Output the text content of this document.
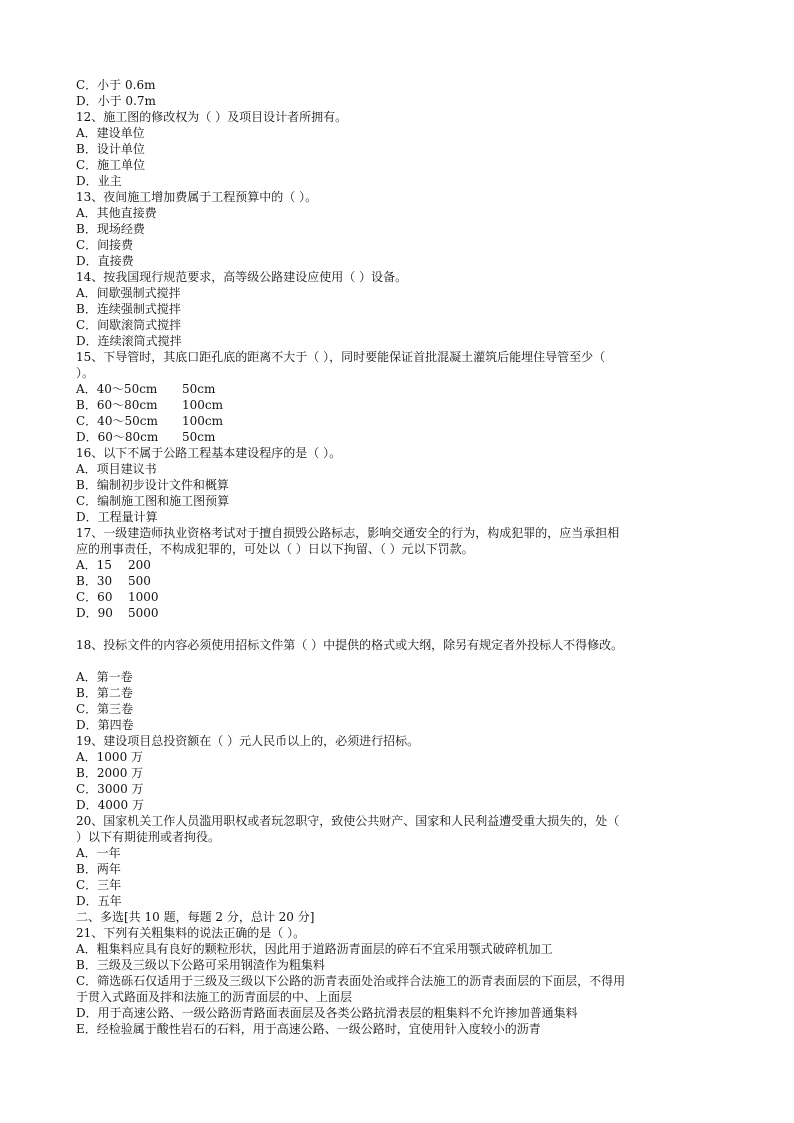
C．小于 0.6m
D．小于 0.7m
12、施工图的修改权为（ ）及项目设计者所拥有。
A．建设单位
B．设计单位
C．施工单位
D．业主
13、夜间施工增加费属于工程预算中的（ ）。
A．其他直接费
B．现场经费
C．间接费
D．直接费
14、按我国现行规范要求，高等级公路建设应使用（ ）设备。
A．间歇强制式搅拌
B．连续强制式搅拌
C．间歇滚筒式搅拌
D．连续滚筒式搅拌
15、下导管时，其底口距孔底的距离不大于（ ），同时要能保证首批混凝土灌筑后能埋住导管至少（
）。
A．40～50cm 50cm
B．60～80cm 100cm
C．40～50cm 100cm
D．60～80cm 50cm
16、以下不属于公路工程基本建设程序的是（ ）。
A．项目建议书
B．编制初步设计文件和概算
C．编制施工图和施工图预算
D．工程量计算
17、一级建造师执业资格考试对于擅自损毁公路标志，影响交通安全的行为，构成犯罪的，应当承担相
应的刑事责任，不构成犯罪的，可处以（ ）日以下拘留、（ ）元以下罚款。
A．15 200
B．30 500
C．60 1000
D．90 5000
18、投标文件的内容必须使用招标文件第（ ）中提供的格式或大纲，除另有规定者外投标人不得修改。
A．第一卷
B．第二卷
C．第三卷
D．第四卷
19、建设项目总投资额在（ ）元人民币以上的，必须进行招标。
A．1000 万
B．2000 万
C．3000 万
D．4000 万
20、国家机关工作人员滥用职权或者玩忽职守，致使公共财产、国家和人民利益遭受重大损失的，处（
）以下有期徒刑或者拘役。
A．一年
B．两年
C．三年
D．五年
二、多选[共 10 题，每题 2 分，总计 20 分]
21、下列有关粗集料的说法正确的是（ ）。
A．粗集料应具有良好的颗粒形状，因此用于道路沥青面层的碎石不宜采用颚式破碎机加工
B．三级及三级以下公路可采用钢渣作为粗集料
C．筛选砾石仅适用于三级及三级以下公路的沥青表面处治或拌合法施工的沥青表面层的下面层，不得用
于贯入式路面及拌和法施工的沥青面层的中、上面层
D．用于高速公路、一级公路沥青路面表面层及各类公路抗滑表层的粗集料不允许掺加普通集料
E．经检验属于酸性岩石的石料，用于高速公路、一级公路时，宜使用针入度较小的沥青
